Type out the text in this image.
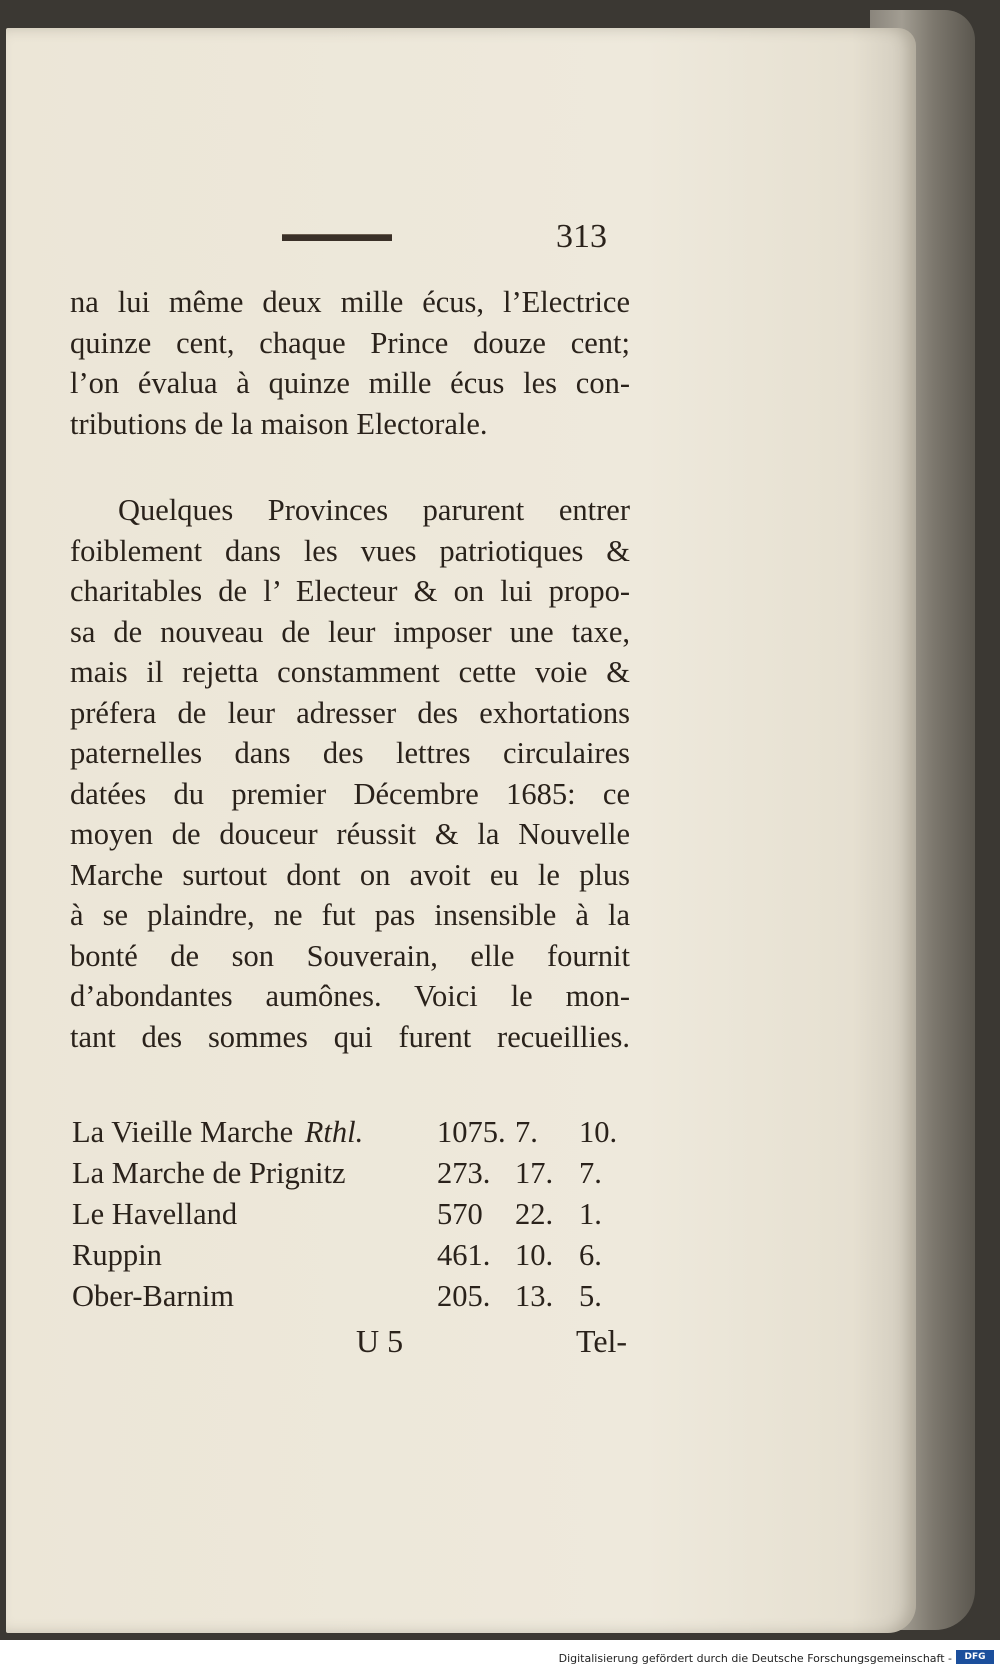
313
na lui même deux mille écus, l’Electrice
quinze cent, chaque Prince douze cent;
l’on évalua à quinze mille écus les con-
tributions de la maison Electorale.
Quelques Provinces parurent entrer
foiblement dans les vues patriotiques &
charitables de l’ Electeur & on lui propo-
sa de nouveau de leur imposer une taxe,
mais il rejetta constamment cette voie &
préfera de leur adresser des exhortations
paternelles dans des lettres circulaires
datées du premier Décembre 1685: ce
moyen de douceur réussit & la Nouvelle
Marche surtout dont on avoit eu le plus
à se plaindre, ne fut pas insensible à la
bonté de son Souverain, elle fournit
d’abondantes aumônes. Voici le mon-
tant des sommes qui furent recueillies.
La Vieille Marche Rthl.	1075. 7.	10.
La Marche de Prignitz	273. 17. 7.
Le Havelland	570	22. 1.
Ruppin	461. 10. 6.
Ober-Barnim	205. 13. 5.
U 5	Tel-
Digitalisierung gefördert durch die Deutsche Forschungsgemeinschaft -	DFG
